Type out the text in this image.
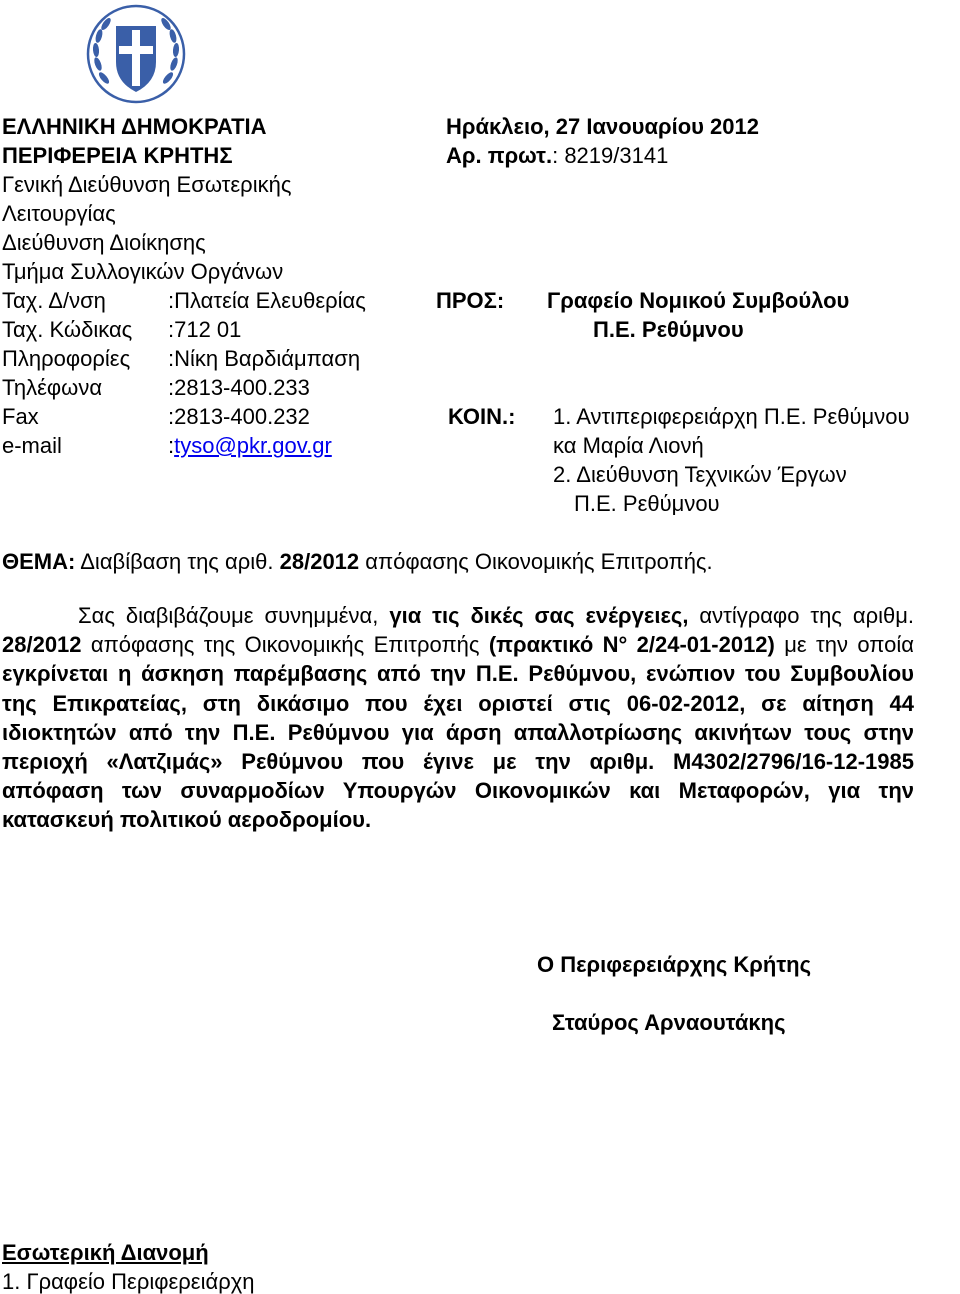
ΕΛΛΗΝΙΚΗ ΔΗΜΟΚΡΑΤΙΑ
ΠΕΡΙΦΕΡΕΙΑ ΚΡΗΤΗΣ
Γενική Διεύθυνση Εσωτερικής
Λειτουργίας
Διεύθυνση Διοίκησης
Τμήμα Συλλογικών Οργάνων
Ηράκλειο, 27 Ιανουαρίου 2012
Αρ. πρωτ.: 8219/3141
Ταχ. Δ/νση	:Πλατεία Ελευθερίας
Ταχ. Κώδικας :712 01
Πληροφορίες :Νίκη Βαρδιάμπαση
Τηλέφωνα	:2813-400.233
Fax	:2813-400.232
e-mail	:tyso@pkr.gov.gr
ΠΡΟΣ: Γραφείο Νομικού Συμβούλου
Π.Ε. Ρεθύμνου
ΚΟΙΝ.: 1. Αντιπεριφερειάρχη Π.Ε. Ρεθύμνου
κα Μαρία Λιονή
2. Διεύθυνση Τεχνικών Έργων
Π.Ε. Ρεθύμνου
ΘΕΜΑ: Διαβίβαση της αριθ. 28/2012 απόφασης Οικονομικής Επιτροπής.

Σας διαβιβάζουμε συνημμένα, για τις δικές σας ενέργειες, αντίγραφο της αριθμ. 28/2012 απόφασης της Οικονομικής Επιτροπής (πρακτικό Ν° 2/24-01-2012) με την οποία εγκρίνεται η άσκηση παρέμβασης από την Π.Ε. Ρεθύμνου, ενώπιον του Συμβουλίου της Επικρατείας, στη δικάσιμο που έχει οριστεί στις 06-02-2012, σε αίτηση 44 ιδιοκτητών από την Π.Ε. Ρεθύμνου για άρση απαλλοτρίωσης ακινήτων τους στην περιοχή «Λατζιμάς» Ρεθύμνου που έγινε με την αριθμ. Μ4302/2796/16-12-1985 απόφαση των συναρμοδίων Υπουργών Οικονομικών και Μεταφορών, για την κατασκευή πολιτικού αεροδρομίου.

Ο Περιφερειάρχης Κρήτης
Σταύρος Αρναουτάκης
Εσωτερική Διανομή
1. Γραφείο Περιφερειάρχη
